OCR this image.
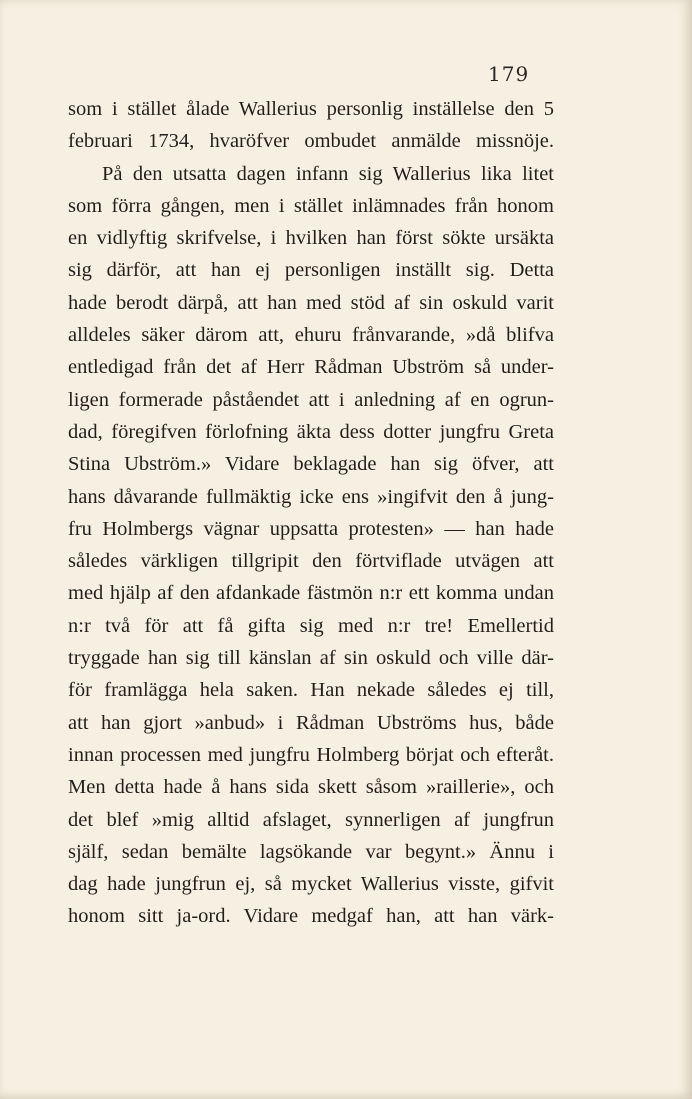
179
som i stället ålade Wallerius personlig inställelse den 5
februari 1734, hvaröfver ombudet anmälde missnöje.
På den utsatta dagen infann sig Wallerius lika litet
som förra gången, men i stället inlämnades från honom
en vidlyftig skrifvelse, i hvilken han först sökte ursäkta
sig därför, att han ej personligen inställt sig. Detta
hade berodt därpå, att han med stöd af sin oskuld varit
alldeles säker därom att, ehuru frånvarande, »då blifva
entledigad från det af Herr Rådman Ubström så under-
ligen formerade påståendet att i anledning af en ogrun-
dad, föregifven förlofning äkta dess dotter jungfru Greta
Stina Ubström.» Vidare beklagade han sig öfver, att
hans dåvarande fullmäktig icke ens »ingifvit den å jung-
fru Holmbergs vägnar uppsatta protesten» — han hade
således värkligen tillgripit den förtviflade utvägen att
med hjälp af den afdankade fästmön n:r ett komma undan
n:r två för att få gifta sig med n:r tre! Emellertid
tryggade han sig till känslan af sin oskuld och ville där-
för framlägga hela saken. Han nekade således ej till,
att han gjort »anbud» i Rådman Ubströms hus, både
innan processen med jungfru Holmberg börjat och efteråt.
Men detta hade å hans sida skett såsom »raillerie», och
det blef »mig alltid afslaget, synnerligen af jungfrun
själf, sedan bemälte lagsökande var begynt.» Ännu i
dag hade jungfrun ej, så mycket Wallerius visste, gifvit
honom sitt ja-ord. Vidare medgaf han, att han värk-
